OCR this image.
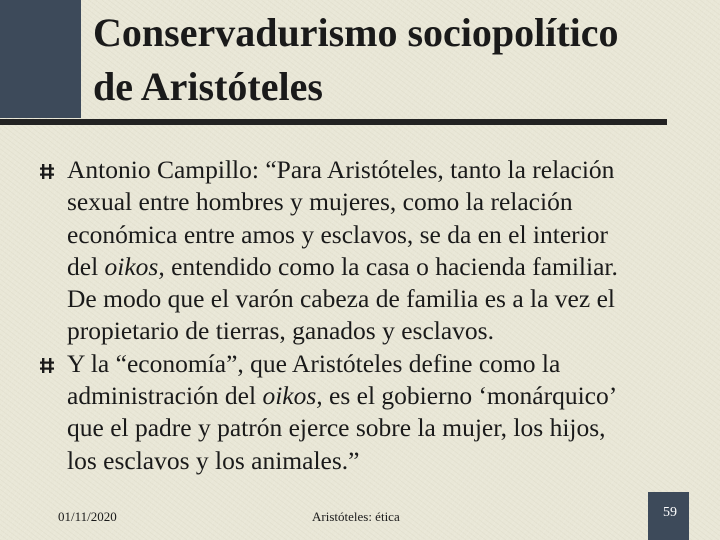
Conservadurismo sociopolítico
de Aristóteles
Antonio Campillo: “Para Aristóteles, tanto la relación
sexual entre hombres y mujeres, como la relación
económica entre amos y esclavos, se da en el interior
del oikos, entendido como la casa o hacienda familiar.
De modo que el varón cabeza de familia es a la vez el
propietario de tierras, ganados y esclavos.
Y la “economía”, que Aristóteles define como la
administración del oikos, es el gobierno ‘monárquico’
que el padre y patrón ejerce sobre la mujer, los hijos,
los esclavos y los animales.”
01/11/2020	Aristóteles: ética	59
